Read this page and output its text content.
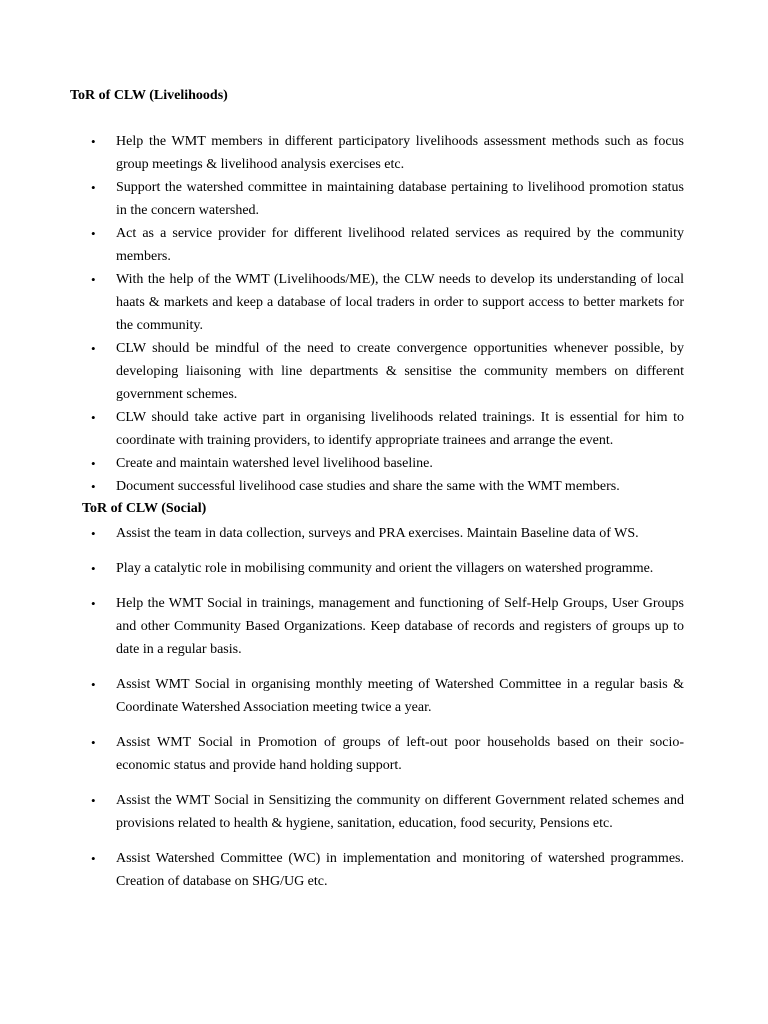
ToR of CLW (Livelihoods)
• Help the WMT members in different participatory livelihoods assessment methods such as focus group meetings & livelihood analysis exercises etc.
• Support the watershed committee in maintaining database pertaining to livelihood promotion status in the concern watershed.
• Act as a service provider for different livelihood related services as required by the community members.
• With the help of the WMT (Livelihoods/ME), the CLW needs to develop its understanding of local haats & markets and keep a database of local traders in order to support access to better markets for the community.
• CLW should be mindful of the need to create convergence opportunities whenever possible, by developing liaisoning with line departments & sensitise the community members on different government schemes.
• CLW should take active part in organising livelihoods related trainings. It is essential for him to coordinate with training providers, to identify appropriate trainees and arrange the event.
• Create and maintain watershed level livelihood baseline.
• Document successful livelihood case studies and share the same with the WMT members.
ToR of CLW (Social)
• Assist the team in data collection, surveys and PRA exercises. Maintain Baseline data of WS.
• Play a catalytic role in mobilising community and orient the villagers on watershed programme.
• Help the WMT Social in trainings, management and functioning of Self-Help Groups, User Groups and other Community Based Organizations. Keep database of records and registers of groups up to date in a regular basis.
• Assist WMT Social in organising monthly meeting of Watershed Committee in a regular basis & Coordinate Watershed Association meeting twice a year.
• Assist WMT Social in Promotion of groups of left-out poor households based on their socio-economic status and provide hand holding support.
• Assist the WMT Social in Sensitizing the community on different Government related schemes and provisions related to health & hygiene, sanitation, education, food security, Pensions etc.
• Assist Watershed Committee (WC) in implementation and monitoring of watershed programmes. Creation of database on SHG/UG etc.
